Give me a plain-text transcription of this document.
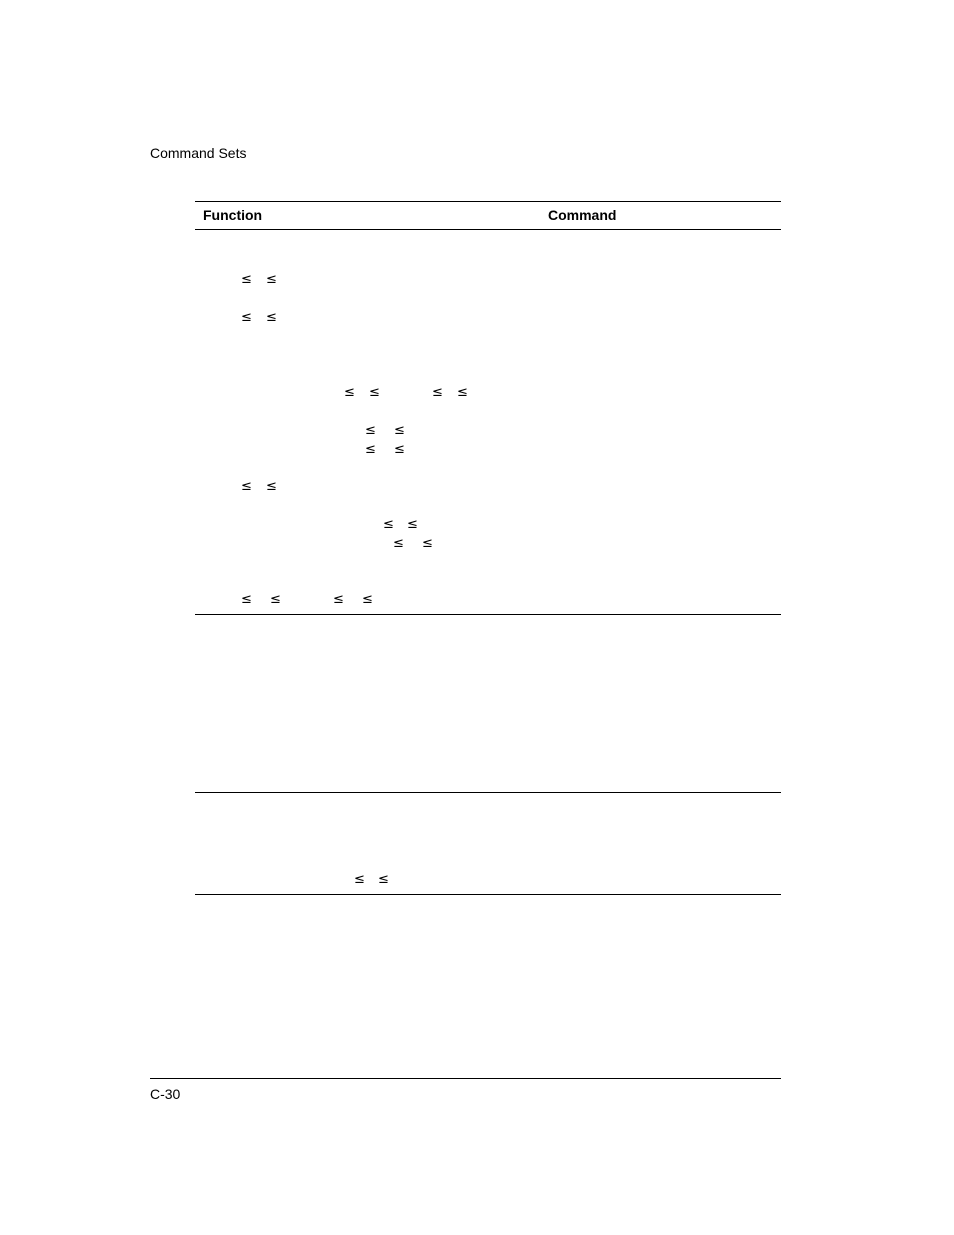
Command Sets
Function	Command
≤ ≤
≤ ≤
≤ ≤	≤ ≤
≤ ≤
≤ ≤
≤ ≤
≤ ≤
≤ ≤
≤ ≤	≤ ≤
≤ ≤
C-30
